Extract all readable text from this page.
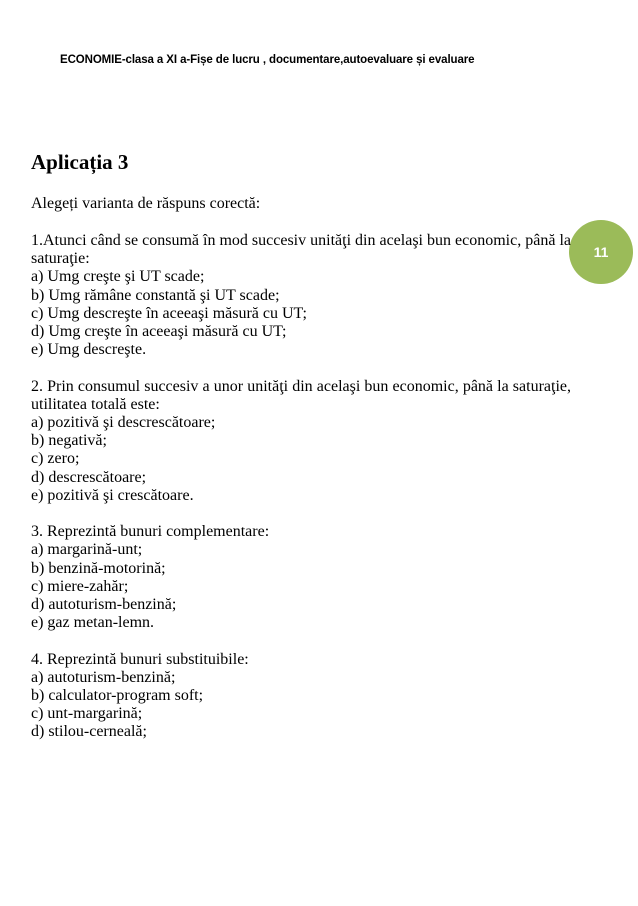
ECONOMIE-clasa a XI a-Fișe de lucru , documentare,autoevaluare și evaluare
11
Aplicația 3
Alegeți varianta de răspuns corectă:
1.Atunci când se consumă în mod succesiv unităţi din acelaşi bun economic, până la saturaţie:
a) Umg creşte şi UT scade;
b) Umg rămâne constantă şi UT scade;
c) Umg descreşte în aceeaşi măsură cu UT;
d) Umg creşte în aceeaşi măsură cu UT;
e) Umg descreşte.
2. Prin consumul succesiv a unor unităţi din acelaşi bun economic, până la saturaţie, utilitatea totală este:
a) pozitivă şi descrescătoare;
b) negativă;
c) zero;
d) descrescătoare;
e) pozitivă şi crescătoare.
3. Reprezintă bunuri complementare:
a) margarină-unt;
b) benzină-motorină;
c) miere-zahăr;
d) autoturism-benzină;
e) gaz metan-lemn.
4. Reprezintă bunuri substituibile:
a) autoturism-benzină;
b) calculator-program soft;
c) unt-margarină;
d) stilou-cerneală;
